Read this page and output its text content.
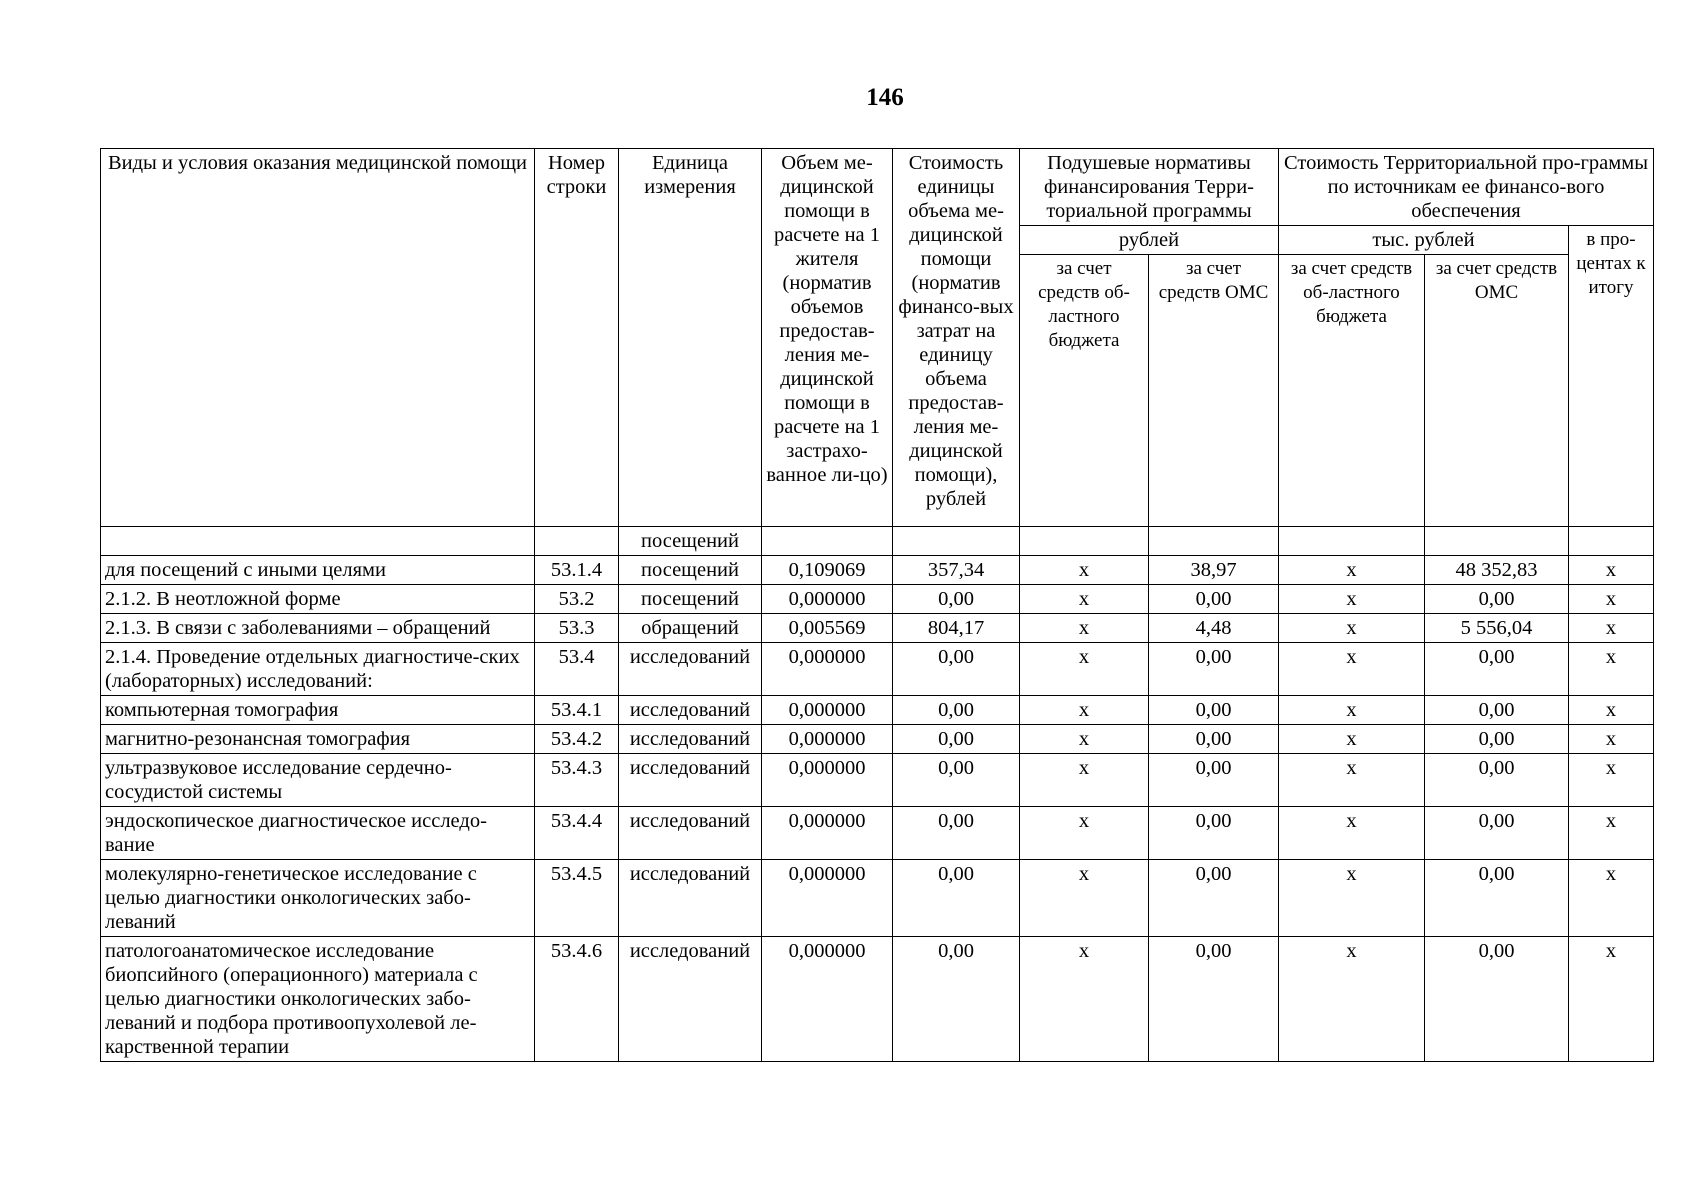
146
Виды и условия оказания медицинской помощи	Номер строки	Единица измерения	Объем ме-дицинской помощи в расчете на 1 жителя (норматив объемов предостав-ления ме-дицинской помощи в расчете на 1 застрахо-ванное ли-цо)	Стоимость единицы объема ме-дицинской помощи (норматив финансо-вых затрат на единицу объема предостав-ления ме-дицинской помощи), рублей	Подушевые нормативы финансирования Терри-ториальной программы		Стоимость Территориальной про-граммы по источникам ее финансо-вого обеспечения		
					рублей		тыс. рублей		в про-центах к итогу
					за счет средств об-ластного бюджета	за счет средств ОМС	за счет средств об-ластного бюджета	за счет средств ОМС	
		посещений							
для посещений с иными целями	53.1.4	посещений	0,109069	357,34	х	38,97	х	48 352,83	х
2.1.2. В неотложной форме	53.2	посещений	0,000000	0,00	х	0,00	х	0,00	х
2.1.3. В связи с заболеваниями – обращений	53.3	обращений	0,005569	804,17	х	4,48	х	5 556,04	х
2.1.4. Проведение отдельных диагностиче-ских (лабораторных) исследований:	53.4	исследований	0,000000	0,00	х	0,00	х	0,00	х
компьютерная томография	53.4.1	исследований	0,000000	0,00	х	0,00	х	0,00	х
магнитно-резонансная томография	53.4.2	исследований	0,000000	0,00	х	0,00	х	0,00	х
ультразвуковое исследование сердечно-сосудистой системы	53.4.3	исследований	0,000000	0,00	х	0,00	х	0,00	х
эндоскопическое диагностическое исследо-вание	53.4.4	исследований	0,000000	0,00	х	0,00	х	0,00	х
молекулярно-генетическое исследование с целью диагностики онкологических забо-леваний	53.4.5	исследований	0,000000	0,00	х	0,00	х	0,00	х
патологоанатомическое исследование биопсийного (операционного) материала с целью диагностики онкологических забо-леваний и подбора противоопухолевой ле-карственной терапии	53.4.6	исследований	0,000000	0,00	х	0,00	х	0,00	х
